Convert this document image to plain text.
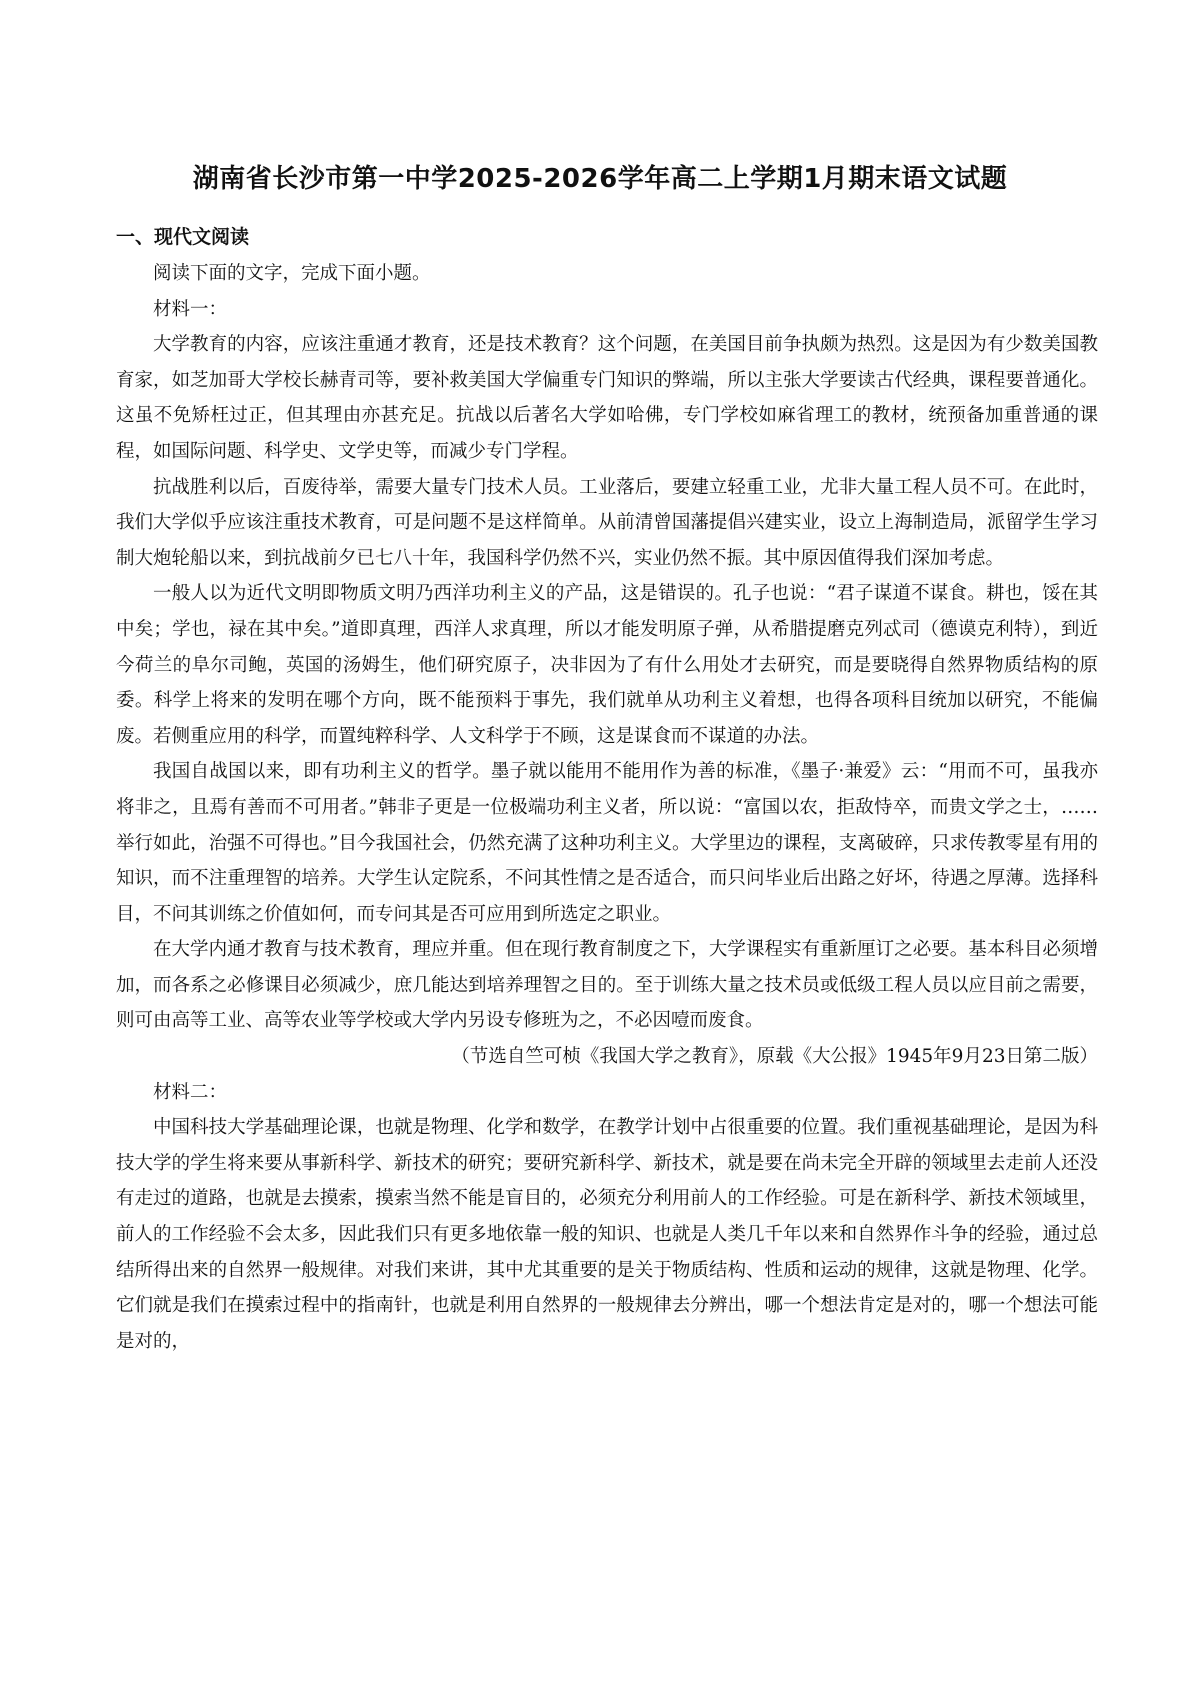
湖南省长沙市第一中学2025-2026学年高二上学期1月期末语文试题
一、现代文阅读

阅读下面的文字，完成下面小题。

材料一：

大学教育的内容，应该注重通才教育，还是技术教育？这个问题，在美国目前争执颇为热烈。这是因为有少数美国教育家，如芝加哥大学校长赫青司等，要补救美国大学偏重专门知识的弊端，所以主张大学要读古代经典，课程要普通化。这虽不免矫枉过正，但其理由亦甚充足。抗战以后著名大学如哈佛，专门学校如麻省理工的教材，统预备加重普通的课程，如国际问题、科学史、文学史等，而减少专门学程。

抗战胜利以后，百废待举，需要大量专门技术人员。工业落后，要建立轻重工业，尤非大量工程人员不可。在此时，我们大学似乎应该注重技术教育，可是问题不是这样简单。从前清曾国藩提倡兴建实业，设立上海制造局，派留学生学习制大炮轮船以来，到抗战前夕已七八十年，我国科学仍然不兴，实业仍然不振。其中原因值得我们深加考虑。

一般人以为近代文明即物质文明乃西洋功利主义的产品，这是错误的。孔子也说：“君子谋道不谋食。耕也，馁在其中矣；学也，禄在其中矣。”道即真理，西洋人求真理，所以才能发明原子弹，从希腊提磨克列忒司（德谟克利特），到近今荷兰的阜尔司鲍，英国的汤姆生，他们研究原子，决非因为了有什么用处才去研究，而是要晓得自然界物质结构的原委。科学上将来的发明在哪个方向，既不能预料于事先，我们就单从功利主义着想，也得各项科目统加以研究，不能偏废。若侧重应用的科学，而置纯粹科学、人文科学于不顾，这是谋食而不谋道的办法。

我国自战国以来，即有功利主义的哲学。墨子就以能用不能用作为善的标准，《墨子·兼爱》云：“用而不可，虽我亦将非之，且焉有善而不可用者。”韩非子更是一位极端功利主义者，所以说：“富国以农，拒敌恃卒，而贵文学之士，……举行如此，治强不可得也。”目今我国社会，仍然充满了这种功利主义。大学里边的课程，支离破碎，只求传教零星有用的知识，而不注重理智的培养。大学生认定院系，不问其性情之是否适合，而只问毕业后出路之好坏，待遇之厚薄。选择科目，不问其训练之价值如何，而专问其是否可应用到所选定之职业。

在大学内通才教育与技术教育，理应并重。但在现行教育制度之下，大学课程实有重新厘订之必要。基本科目必须增加，而各系之必修课目必须减少，庶几能达到培养理智之目的。至于训练大量之技术员或低级工程人员以应目前之需要，则可由高等工业、高等农业等学校或大学内另设专修班为之，不必因噎而废食。

（节选自竺可桢《我国大学之教育》，原载《大公报》1945年9月23日第二版）

材料二：

中国科技大学基础理论课，也就是物理、化学和数学，在教学计划中占很重要的位置。我们重视基础理论，是因为科技大学的学生将来要从事新科学、新技术的研究；要研究新科学、新技术，就是要在尚未完全开辟的领域里去走前人还没有走过的道路，也就是去摸索，摸索当然不能是盲目的，必须充分利用前人的工作经验。可是在新科学、新技术领域里，前人的工作经验不会太多，因此我们只有更多地依靠一般的知识、也就是人类几千年以来和自然界作斗争的经验，通过总结所得出来的自然界一般规律。对我们来讲，其中尤其重要的是关于物质结构、性质和运动的规律，这就是物理、化学。它们就是我们在摸索过程中的指南针，也就是利用自然界的一般规律去分辨出，哪一个想法肯定是对的，哪一个想法可能是对的，
